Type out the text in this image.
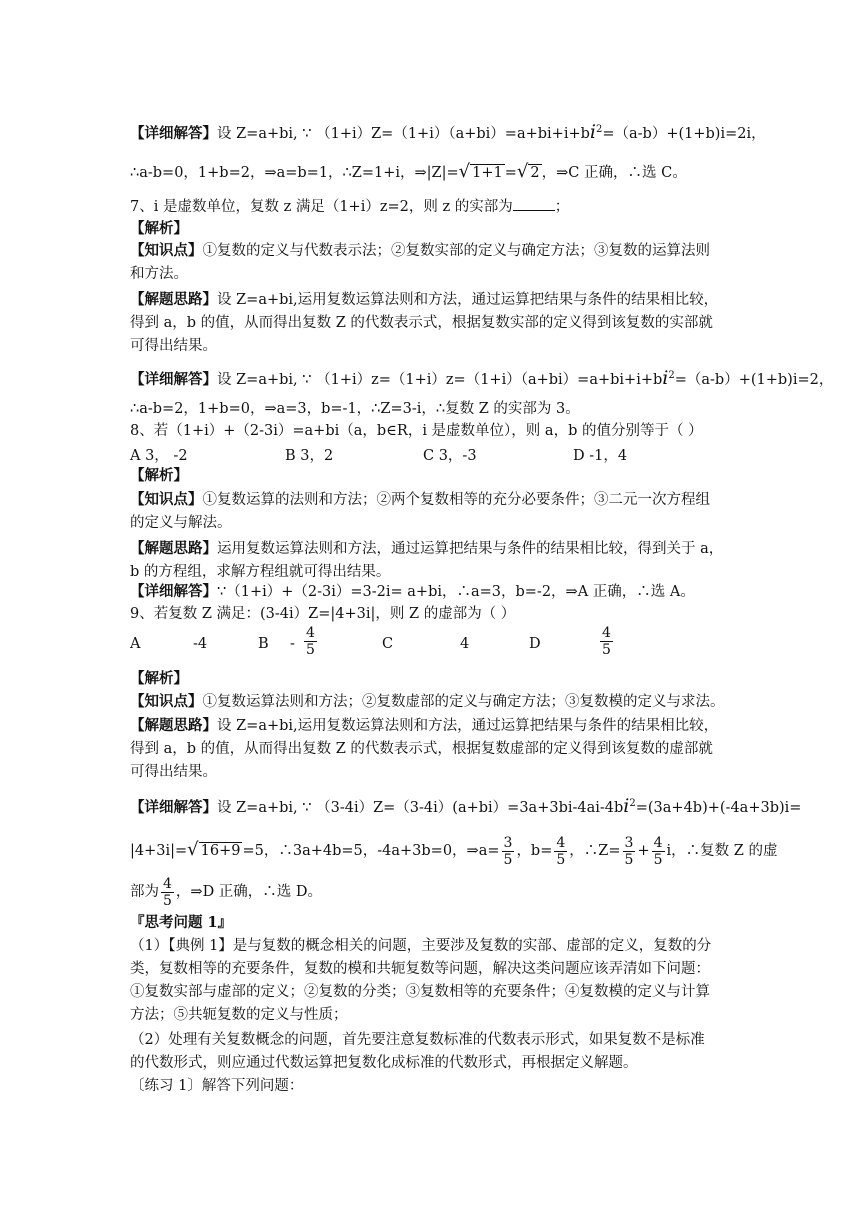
【详细解答】设 Z=a+bi, ∵ $(1+i)Z=(1+i)(a+bi)=a+bi+i+bi^2=(a-b)+(1+b)i=2i$，
∴a-b=0，1+b=2，⇒a=b=1，∴Z=1+i，⇒|Z|=√ 1+1 =√ 2 ，⇒C 正确，∴选 C。
7、i 是虚数单位，复数 z 满足（1+i）z=2，则 z 的实部为	；
【解析】
【知识点】①复数的定义与代数表示法；②复数实部的定义与确定方法；③复数的运算法则
和方法。
【解题思路】设 Z=a+bi,运用复数运算法则和方法，通过运算把结果与条件的结果相比较，
得到 a，b 的值，从而得出复数 Z 的代数表示式，根据复数实部的定义得到该复数的实部就
可得出结果。
【详细解答】设 Z=a+bi, ∵ $(1+i)z=(1+i)z=(1+i)(a+bi)=a+bi+i+bi^2=(a-b)+(1+b)i=2$，
∴a-b=2，1+b=0，⇒a=3，b=-1，∴Z=3-i，∴复数 Z 的实部为 3。
8、若（1+i）+（2-3i）=a+bi（a，b∈R，i 是虚数单位），则 a，b 的值分别等于（ ）
A 3， -2	B 3，2	C 3，-3	D -1，4
【解析】
【知识点】①复数运算的法则和方法；②两个复数相等的充分必要条件；③二元一次方程组
的定义与解法。
【解题思路】运用复数运算法则和方法，通过运算把结果与条件的结果相比较，得到关于 a，
b 的方程组，求解方程组就可得出结果。
【详细解答】∵（1+i）+（2-3i）=3-2i= a+bi，∴a=3，b=-2，⇒A 正确，∴选 A。
9、若复数 Z 满足：(3-4i）Z=|4+3i|，则 Z 的虚部为（ ）
A	-4	B - $\frac{4}{5}$	C	4	D	$\frac{4}{5}$
【解析】
【知识点】①复数运算法则和方法；②复数虚部的定义与确定方法；③复数模的定义与求法。
【解题思路】设 Z=a+bi,运用复数运算法则和方法，通过运算把结果与条件的结果相比较，
得到 a，b 的值，从而得出复数 Z 的代数表示式，根据复数虚部的定义得到该复数的虚部就
可得出结果。
【详细解答】设 Z=a+bi, ∵ $(3-4i)Z=(3-4i)(a+bi)=3a+3bi-4ai-4bi^2=(3a+4b)+(-4a+3b)i=$
|4+3i|=√ 16+9 =5，∴3a+4b=5，-4a+3b=0，⇒a= $\frac{3}{5}$ ，$b= \frac{4}{5}$ ，∴Z= $\frac{3}{5} + \frac{4}{5}$ i，∴复数 Z 的虚
部为 $\frac{4}{5}$ ，⇒D 正确，∴选 D。
『思考问题 1』
（1）【典例 1】是与复数的概念相关的问题，主要涉及复数的实部、虚部的定义，复数的分
类，复数相等的充要条件，复数的模和共轭复数等问题，解决这类问题应该弄清如下问题：
①复数实部与虚部的定义；②复数的分类；③复数相等的充要条件；④复数模的定义与计算
方法；⑤共轭复数的定义与性质；
（2）处理有关复数概念的问题，首先要注意复数标准的代数表示形式，如果复数不是标准
的代数形式，则应通过代数运算把复数化成标准的代数形式，再根据定义解题。
〔练习 1〕解答下列问题：
